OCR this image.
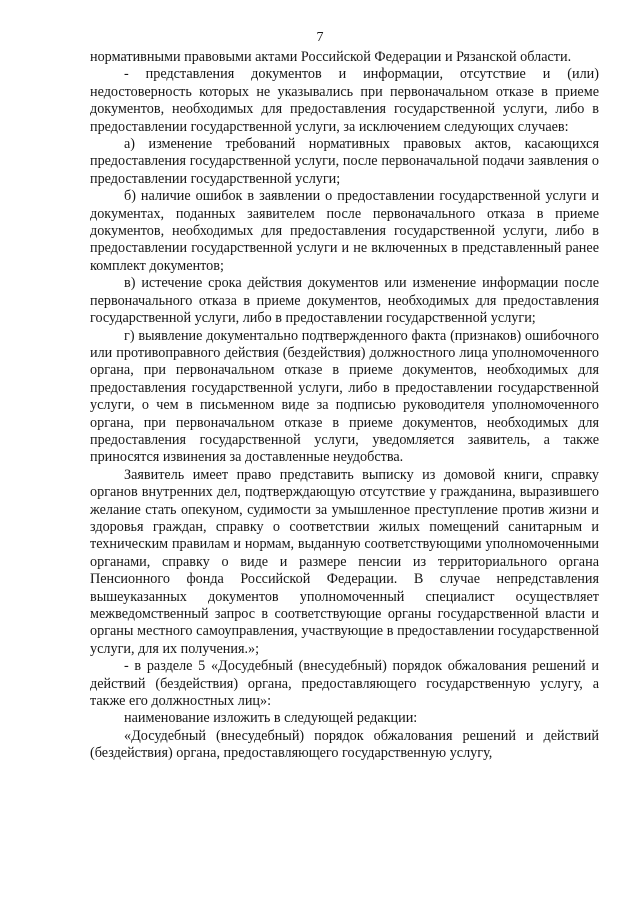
7

нормативными правовыми актами Российской Федерации и Рязанской области.

- представления документов и информации, отсутствие и (или) недостоверность которых не указывались при первоначальном отказе в приеме документов, необходимых для предоставления государственной услуги, либо в предоставлении государственной услуги, за исключением следующих случаев:

а) изменение требований нормативных правовых актов, касающихся предоставления государственной услуги, после первоначальной подачи заявления о предоставлении государственной услуги;

б) наличие ошибок в заявлении о предоставлении государственной услуги и документах, поданных заявителем после первоначального отказа в приеме документов, необходимых для предоставления государственной услуги, либо в предоставлении государственной услуги и не включенных в представленный ранее комплект документов;

в) истечение срока действия документов или изменение информации после первоначального отказа в приеме документов, необходимых для предоставления государственной услуги, либо в предоставлении государственной услуги;

г) выявление документально подтвержденного факта (признаков) ошибочного или противоправного действия (бездействия) должностного лица уполномоченного органа, при первоначальном отказе в приеме документов, необходимых для предоставления государственной услуги, либо в предоставлении государственной услуги, о чем в письменном виде за подписью руководителя уполномоченного органа, при первоначальном отказе в приеме документов, необходимых для предоставления государственной услуги, уведомляется заявитель, а также приносятся извинения за доставленные неудобства.

Заявитель имеет право представить выписку из домовой книги, справку органов внутренних дел, подтверждающую отсутствие у гражданина, выразившего желание стать опекуном, судимости за умышленное преступление против жизни и здоровья граждан, справку о соответствии жилых помещений санитарным и техническим правилам и нормам, выданную соответствующими уполномоченными органами, справку о виде и размере пенсии из территориального органа Пенсионного фонда Российской Федерации. В случае непредставления вышеуказанных документов уполномоченный специалист осуществляет межведомственный запрос в соответствующие органы государственной власти и органы местного самоуправления, участвующие в предоставлении государственной услуги, для их получения.»;

- в разделе 5 «Досудебный (внесудебный) порядок обжалования решений и действий (бездействия) органа, предоставляющего государственную услугу, а также его должностных лиц»:

наименование изложить в следующей редакции:

«Досудебный (внесудебный) порядок обжалования решений и действий (бездействия) органа, предоставляющего государственную услугу,
